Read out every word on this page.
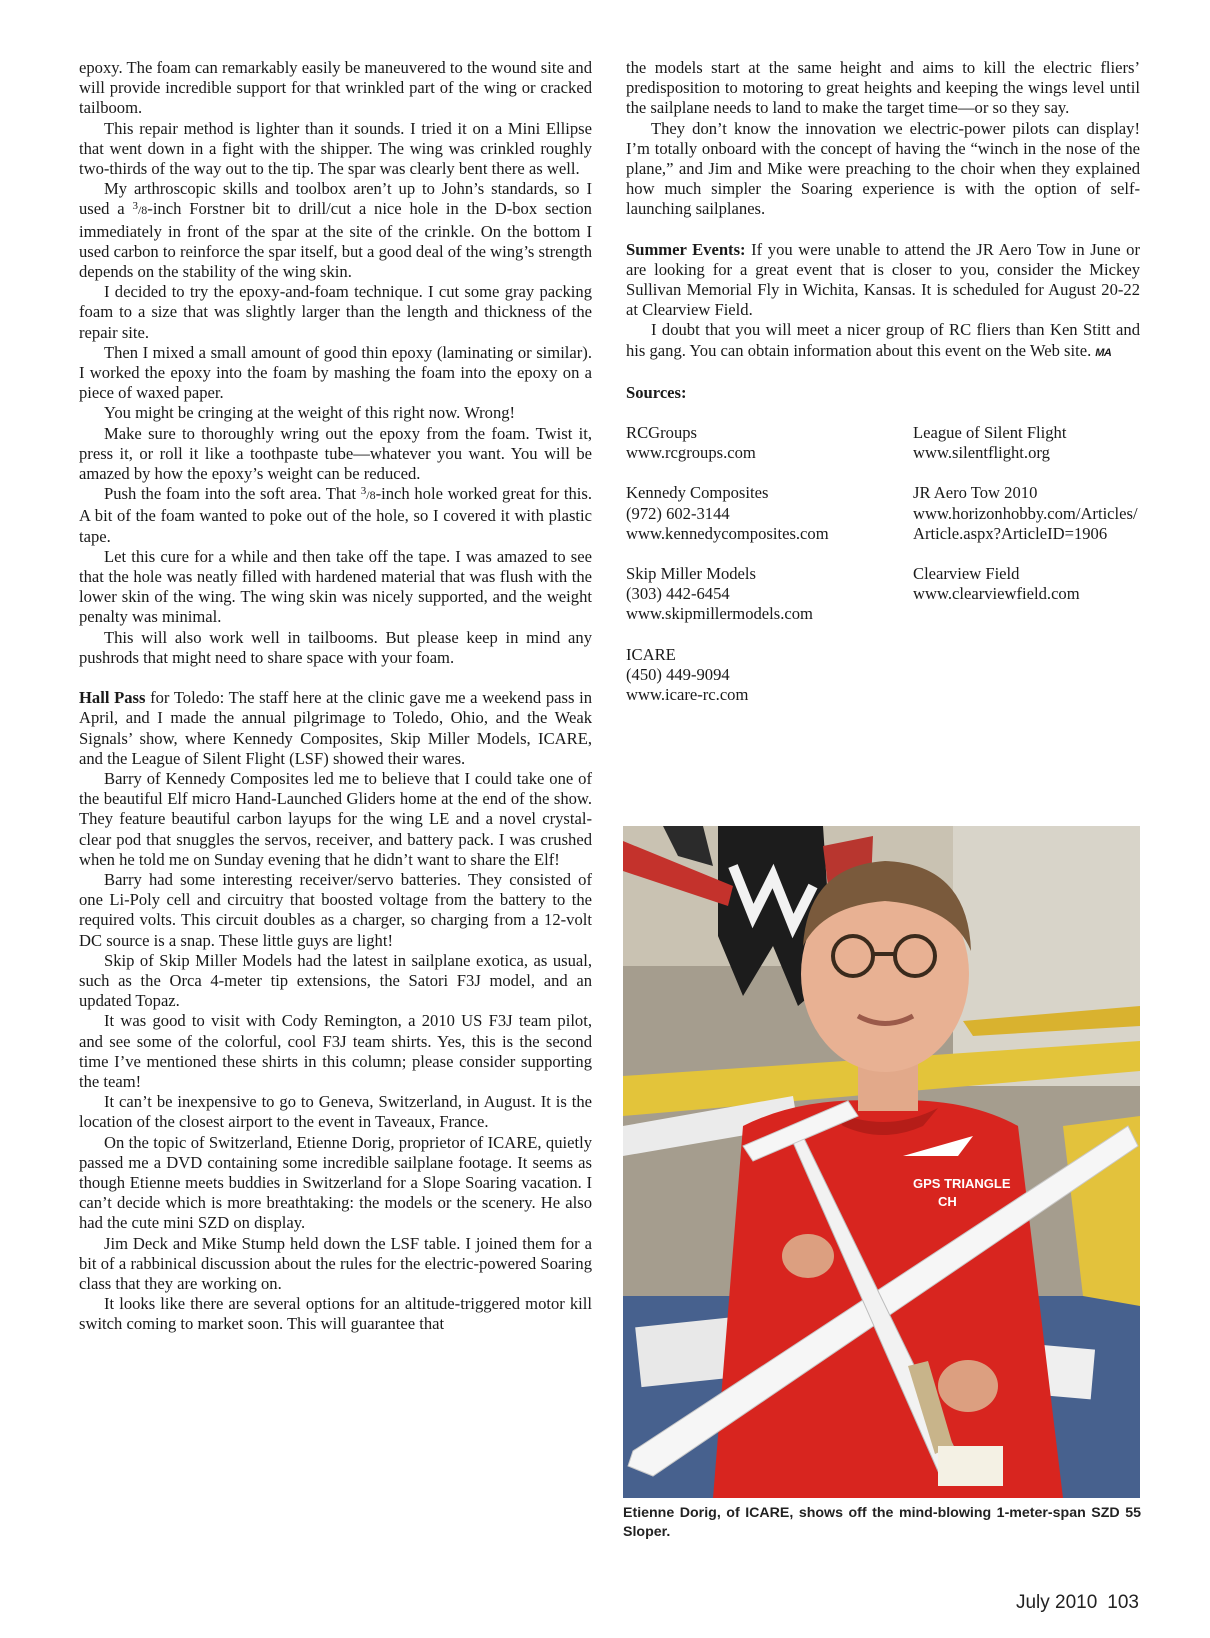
epoxy. The foam can remarkably easily be maneuvered to the wound site and will provide incredible support for that wrinkled part of the wing or cracked tailboom.

This repair method is lighter than it sounds. I tried it on a Mini Ellipse that went down in a fight with the shipper. The wing was crinkled roughly two-thirds of the way out to the tip. The spar was clearly bent there as well.

My arthroscopic skills and toolbox aren’t up to John’s standards, so I used a 3/8-inch Forstner bit to drill/cut a nice hole in the D-box section immediately in front of the spar at the site of the crinkle. On the bottom I used carbon to reinforce the spar itself, but a good deal of the wing’s strength depends on the stability of the wing skin.

I decided to try the epoxy-and-foam technique. I cut some gray packing foam to a size that was slightly larger than the length and thickness of the repair site.

Then I mixed a small amount of good thin epoxy (laminating or similar). I worked the epoxy into the foam by mashing the foam into the epoxy on a piece of waxed paper.

You might be cringing at the weight of this right now. Wrong!

Make sure to thoroughly wring out the epoxy from the foam. Twist it, press it, or roll it like a toothpaste tube—whatever you want. You will be amazed by how the epoxy’s weight can be reduced.

Push the foam into the soft area. That 3/8-inch hole worked great for this. A bit of the foam wanted to poke out of the hole, so I covered it with plastic tape.

Let this cure for a while and then take off the tape. I was amazed to see that the hole was neatly filled with hardened material that was flush with the lower skin of the wing. The wing skin was nicely supported, and the weight penalty was minimal.

This will also work well in tailbooms. But please keep in mind any pushrods that might need to share space with your foam.

Hall Pass for Toledo: The staff here at the clinic gave me a weekend pass in April, and I made the annual pilgrimage to Toledo, Ohio, and the Weak Signals’ show, where Kennedy Composites, Skip Miller Models, ICARE, and the League of Silent Flight (LSF) showed their wares.

Barry of Kennedy Composites led me to believe that I could take one of the beautiful Elf micro Hand-Launched Gliders home at the end of the show. They feature beautiful carbon layups for the wing LE and a novel crystal-clear pod that snuggles the servos, receiver, and battery pack. I was crushed when he told me on Sunday evening that he didn’t want to share the Elf!

Barry had some interesting receiver/servo batteries. They consisted of one Li-Poly cell and circuitry that boosted voltage from the battery to the required volts. This circuit doubles as a charger, so charging from a 12-volt DC source is a snap. These little guys are light!

Skip of Skip Miller Models had the latest in sailplane exotica, as usual, such as the Orca 4-meter tip extensions, the Satori F3J model, and an updated Topaz.

It was good to visit with Cody Remington, a 2010 US F3J team pilot, and see some of the colorful, cool F3J team shirts. Yes, this is the second time I’ve mentioned these shirts in this column; please consider supporting the team!

It can’t be inexpensive to go to Geneva, Switzerland, in August. It is the location of the closest airport to the event in Taveaux, France.

On the topic of Switzerland, Etienne Dorig, proprietor of ICARE, quietly passed me a DVD containing some incredible sailplane footage. It seems as though Etienne meets buddies in Switzerland for a Slope Soaring vacation. I can’t decide which is more breathtaking: the models or the scenery. He also had the cute mini SZD on display.

Jim Deck and Mike Stump held down the LSF table. I joined them for a bit of a rabbinical discussion about the rules for the electric-powered Soaring class that they are working on.

It looks like there are several options for an altitude-triggered motor kill switch coming to market soon. This will guarantee that

the models start at the same height and aims to kill the electric fliers’ predisposition to motoring to great heights and keeping the wings level until the sailplane needs to land to make the target time—or so they say.

They don’t know the innovation we electric-power pilots can display! I’m totally onboard with the concept of having the “winch in the nose of the plane,” and Jim and Mike were preaching to the choir when they explained how much simpler the Soaring experience is with the option of self-launching sailplanes.

Summer Events: If you were unable to attend the JR Aero Tow in June or are looking for a great event that is closer to you, consider the Mickey Sullivan Memorial Fly in Wichita, Kansas. It is scheduled for August 20-22 at Clearview Field.

I doubt that you will meet a nicer group of RC fliers than Ken Stitt and his gang. You can obtain information about this event on the Web site. MA

Sources:
RCGroups
www.rcgroups.com
Kennedy Composites
(972) 602-3144
www.kennedycomposites.com
Skip Miller Models
(303) 442-6454
www.skipmillermodels.com
ICARE
(450) 449-9094
www.icare-rc.com
League of Silent Flight
www.silentflight.org
JR Aero Tow 2010
www.horizonhobby.com/Articles/Article.aspx?ArticleID=1906
Clearview Field
www.clearviewfield.com
GPS TRIANGLE
CH
Etienne Dorig, of ICARE, shows off the mind-blowing 1-meter-span SZD 55 Sloper.
July 2010 103
